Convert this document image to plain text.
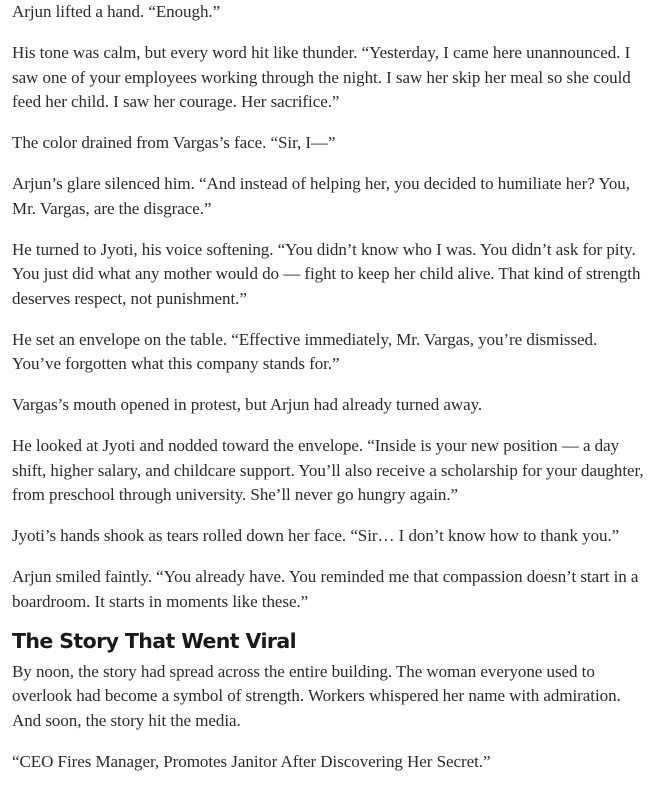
Arjun lifted a hand. “Enough.”

His tone was calm, but every word hit like thunder. “Yesterday, I came here unannounced. I saw one of your employees working through the night. I saw her skip her meal so she could feed her child. I saw her courage. Her sacrifice.”

The color drained from Vargas’s face. “Sir, I—”

Arjun’s glare silenced him. “And instead of helping her, you decided to humiliate her? You, Mr. Vargas, are the disgrace.”

He turned to Jyoti, his voice softening. “You didn’t know who I was. You didn’t ask for pity. You just did what any mother would do — fight to keep her child alive. That kind of strength deserves respect, not punishment.”

He set an envelope on the table. “Effective immediately, Mr. Vargas, you’re dismissed. You’ve forgotten what this company stands for.”

Vargas’s mouth opened in protest, but Arjun had already turned away.

He looked at Jyoti and nodded toward the envelope. “Inside is your new position — a day shift, higher salary, and childcare support. You’ll also receive a scholarship for your daughter, from preschool through university. She’ll never go hungry again.”

Jyoti’s hands shook as tears rolled down her face. “Sir… I don’t know how to thank you.”

Arjun smiled faintly. “You already have. You reminded me that compassion doesn’t start in a boardroom. It starts in moments like these.”

The Story That Went Viral

By noon, the story had spread across the entire building. The woman everyone used to overlook had become a symbol of strength. Workers whispered her name with admiration. And soon, the story hit the media.

“CEO Fires Manager, Promotes Janitor After Discovering Her Secret.”
